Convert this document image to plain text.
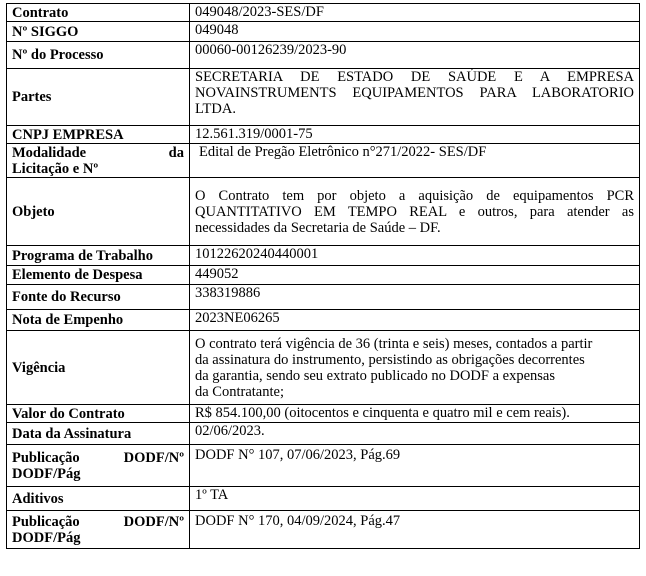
Contrato	049048/2023-SES/DF
Nº SIGGO	049048
Nº do Processo	00060-00126239/2023-90
Partes	SECRETARIA DE ESTADO DE SAÚDE E A EMPRESA NOVAINSTRUMENTS EQUIPAMENTOS PARA LABORATORIO LTDA.
CNPJ EMPRESA	12.561.319/0001-75

Modalidade da
Licitação e Nº	Edital de Pregão Eletrônico n°271/2022- SES/DF
Objeto	O Contrato tem por objeto a aquisição de equipamentos PCR QUANTITATIVO EM TEMPO REAL e outros, para atender as necessidades da Secretaria de Saúde – DF.
Programa de Trabalho	10122620240440001
Elemento de Despesa	449052
Fonte do Recurso	338319886
Nota de Empenho	2023NE06265
Vigência	O contrato terá vigência de 36 (trinta e seis) meses, contados a partir
da assinatura do instrumento, persistindo as obrigações decorrentes
da garantia, sendo seu extrato publicado no DODF a expensas
da Contratante;

Valor do Contrato	R$ 854.100,00 (oitocentos e cinquenta e quatro mil e cem reais).
Data da Assinatura	02/06/2023.

Publicação DODF/Nº
DODF/Pág	DODF N° 107, 07/06/2023, Pág.69
Aditivos	1º TA

Publicação DODF/Nº
DODF/Pág	DODF N° 170, 04/09/2024, Pág.47
